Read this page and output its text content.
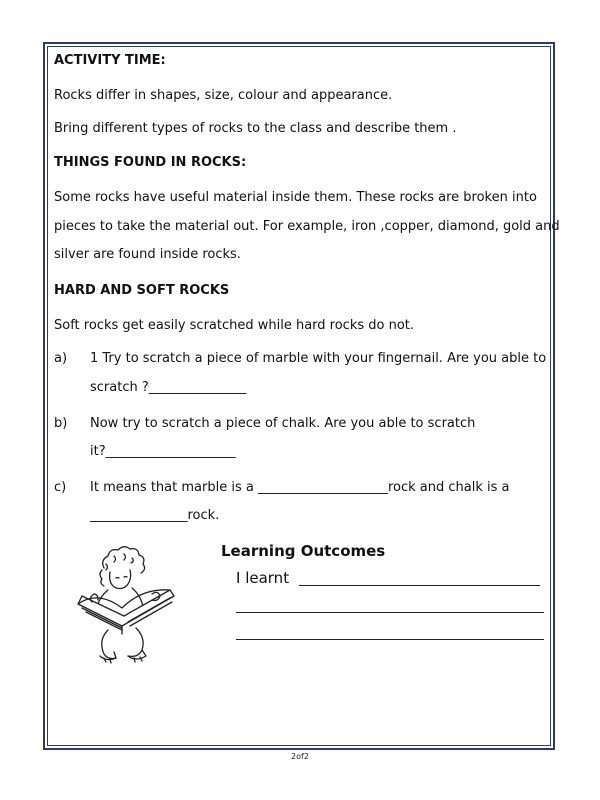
ACTIVITY TIME:
Rocks differ in shapes, size, colour and appearance.
Bring different types of rocks to the class and describe them .
THINGS FOUND IN ROCKS:
Some rocks have useful material inside them. These rocks are broken into
pieces to take the material out. For example, iron ,copper, diamond, gold and
silver are found inside rocks.
HARD AND SOFT ROCKS
Soft rocks get easily scratched while hard rocks do not.
a) 1 Try to scratch a piece of marble with your fingernail. Are you able to
scratch ?_______________
b) Now try to scratch a piece of chalk. Are you able to scratch
it?____________________
c) It means that marble is a ____________________rock and chalk is a
_______________rock.
Learning Outcomes
I learnt
2of2
